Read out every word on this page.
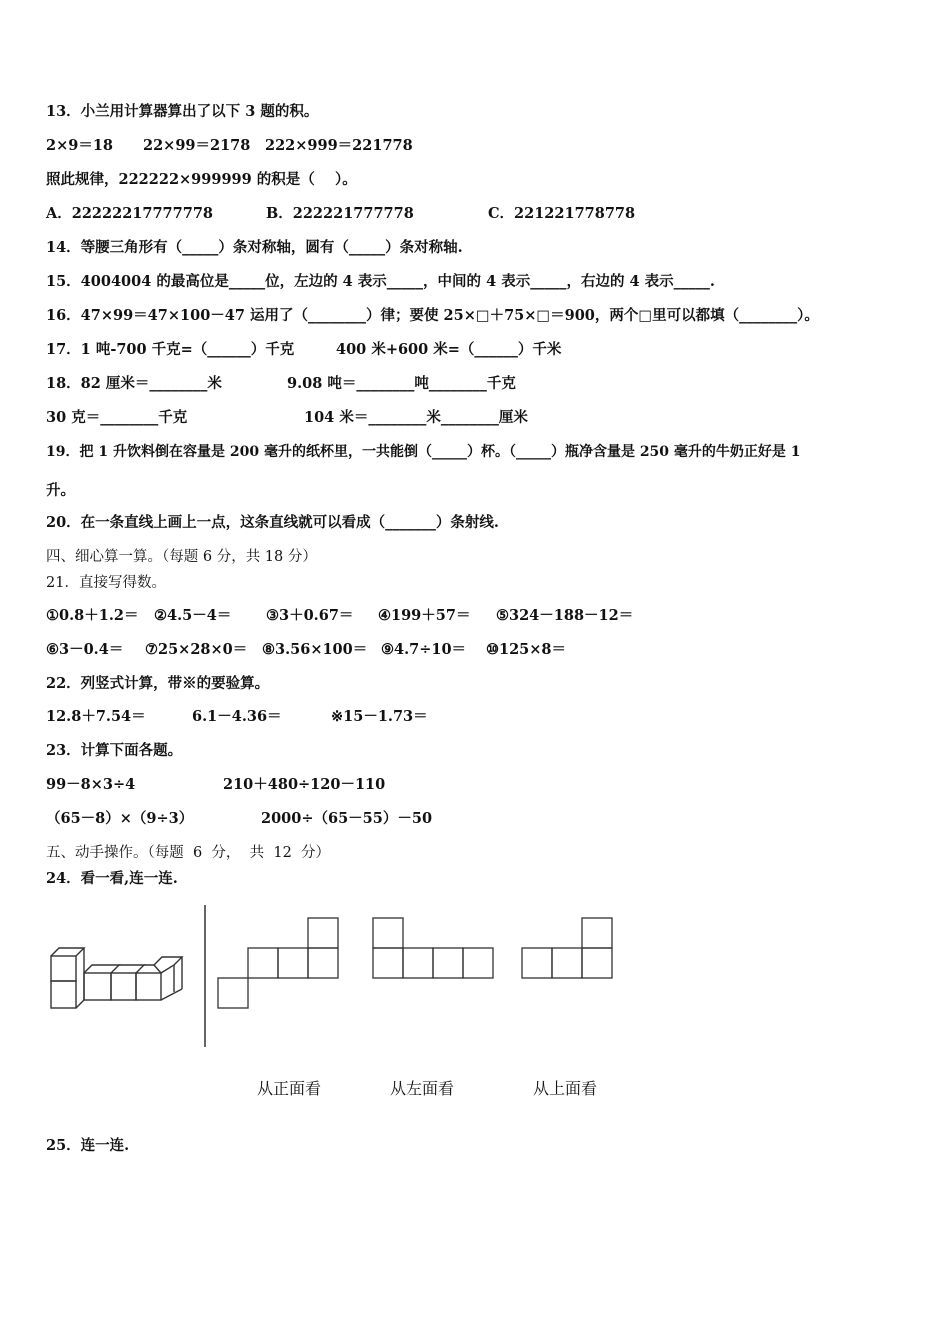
13．小兰用计算器算出了以下 3 题的积。
2×9＝18 22×99＝2178 222×999＝221778
照此规律，222222×999999 的积是（    ）。
A．22222217777778	B．222221777778	C．221221778778
14．等腰三角形有（_____）条对称轴，圆有（_____）条对称轴.
15．4004004 的最高位是_____位，左边的 4 表示_____，中间的 4 表示_____，右边的 4 表示_____.
16．47×99＝47×100－47 运用了（________）律；要使 25×□＋75×□＝900，两个□里可以都填（________）。
17．1 吨-700 千克=（______）千克	400 米+600 米=（______）千米
18．82 厘米＝________米	9.08 吨＝________吨________千克
30 克＝________千克	104 米＝________米________厘米
19．把 1 升饮料倒在容量是 200 毫升的纸杯里，一共能倒（_____）杯。（_____）瓶净含量是 250 毫升的牛奶正好是 1
升。
20．在一条直线上画上一点，这条直线就可以看成（_______）条射线.
四、细心算一算。（每题 6 分，共 18 分）
21．直接写得数。
①0.8＋1.2＝ ②4.5－4＝ ③3＋0.67＝ ④199＋57＝ ⑤324－188－12＝
⑥3－0.4＝ ⑦25×28×0＝ ⑧3.56×100＝ ⑨4.7÷10＝ ⑩125×8＝
22．列竖式计算，带※的要验算。
12.8＋7.54＝	6.1－4.36＝	※15－1.73＝
23．计算下面各题。
99－8×3÷4	210＋480÷120－110
（65－8）×（9÷3）	2000÷（65－55）－50
五、动手操作。（每题  6  分，  共  12  分）
24．看一看,连一连.
从正面看	从左面看	从上面看
25．连一连.
